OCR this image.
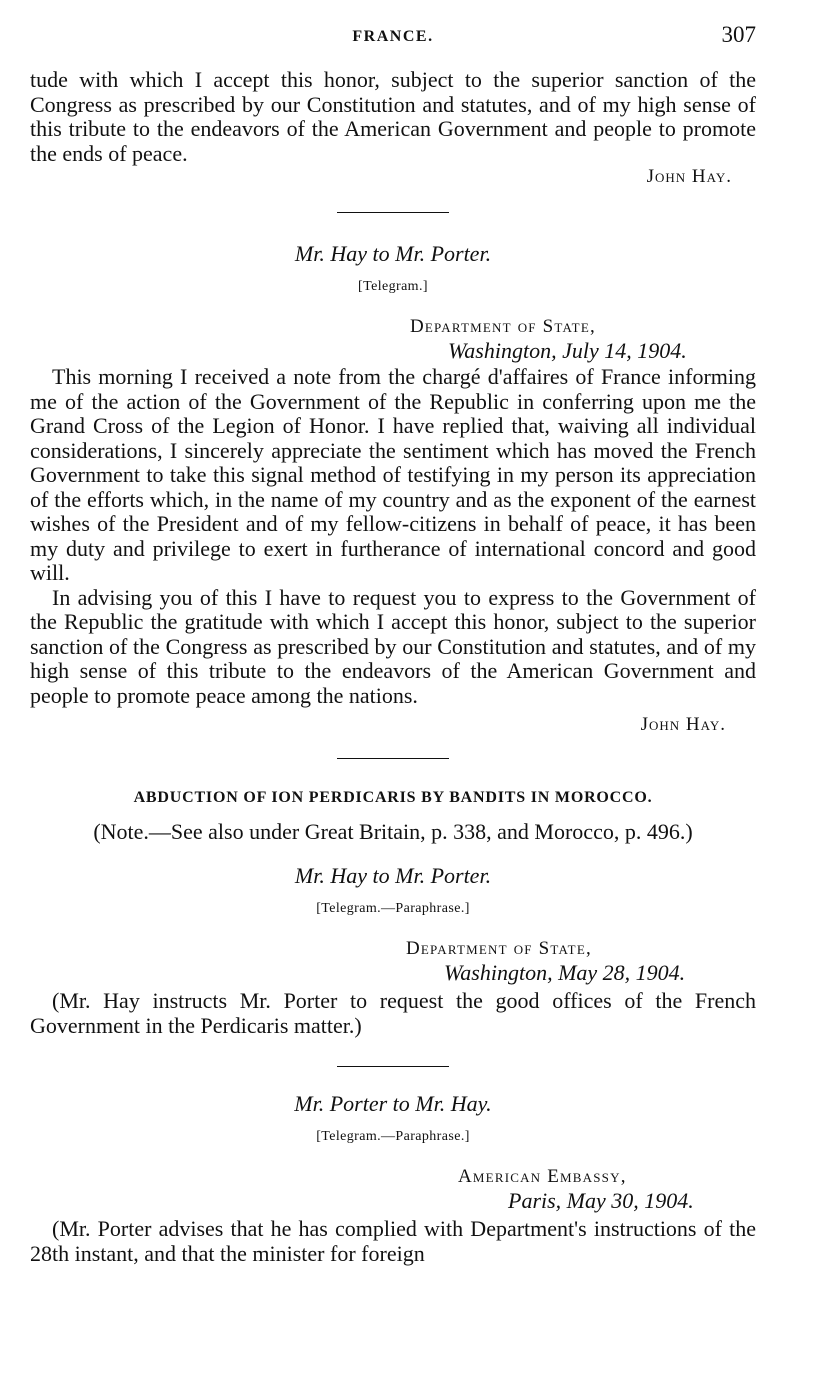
FRANCE.	307

tude with which I accept this honor, subject to the superior sanction of the Congress as prescribed by our Constitution and statutes, and of my high sense of this tribute to the endeavors of the American Government and people to promote the ends of peace.

John Hay.
Mr. Hay to Mr. Porter.
[Telegram.]
Department of State,
Washington, July 14, 1904.

This morning I received a note from the chargé d'affaires of France informing me of the action of the Government of the Republic in conferring upon me the Grand Cross of the Legion of Honor. I have replied that, waiving all individual considerations, I sincerely appreciate the sentiment which has moved the French Government to take this signal method of testifying in my person its appreciation of the efforts which, in the name of my country and as the exponent of the earnest wishes of the President and of my fellow-citizens in behalf of peace, it has been my duty and privilege to exert in furtherance of international concord and good will.

In advising you of this I have to request you to express to the Government of the Republic the gratitude with which I accept this honor, subject to the superior sanction of the Congress as prescribed by our Constitution and statutes, and of my high sense of this tribute to the endeavors of the American Government and people to promote peace among the nations.

John Hay.
ABDUCTION OF ION PERDICARIS BY BANDITS IN MOROCCO.
(Note.—See also under Great Britain, p. 338, and Morocco, p. 496.)
Mr. Hay to Mr. Porter.
[Telegram.—Paraphrase.]
Department of State,
Washington, May 28, 1904.

(Mr. Hay instructs Mr. Porter to request the good offices of the French Government in the Perdicaris matter.)

Mr. Porter to Mr. Hay.
[Telegram.—Paraphrase.]
American Embassy,
Paris, May 30, 1904.

(Mr. Porter advises that he has complied with Department's instructions of the 28th instant, and that the minister for foreign
